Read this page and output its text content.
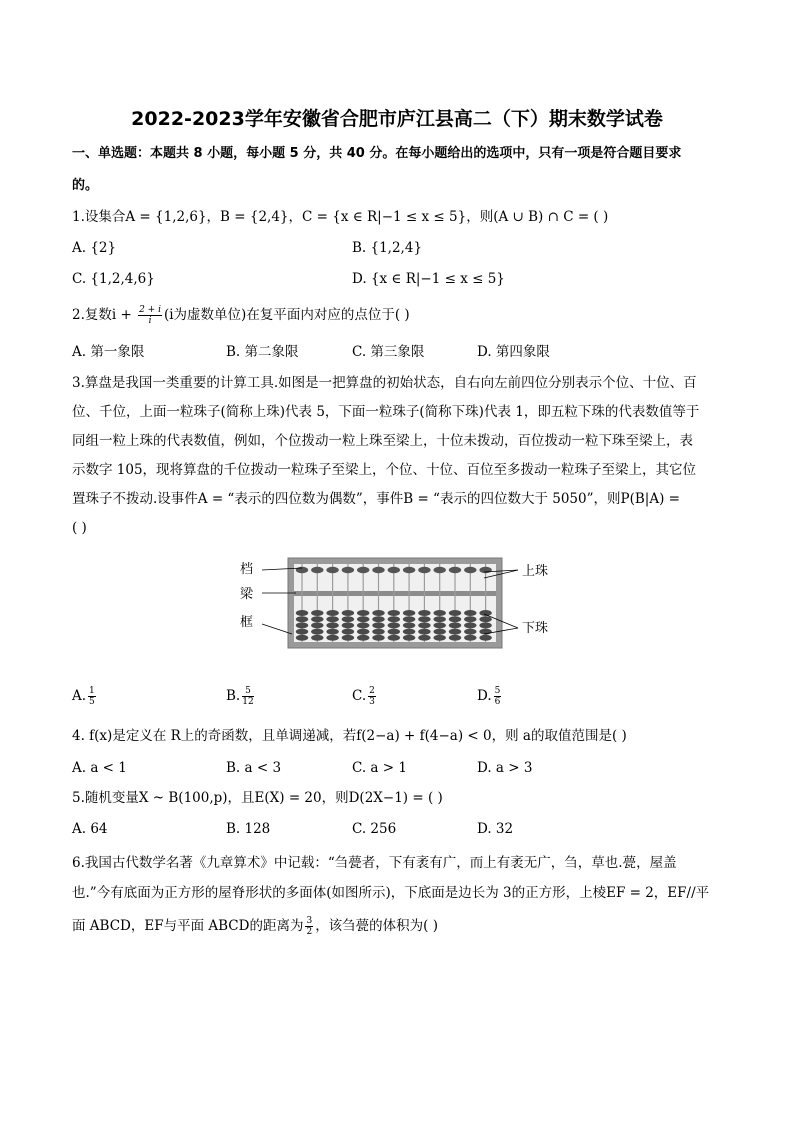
2022-2023学年安徽省合肥市庐江县高二（下）期末数学试卷
一、单选题：本题共 8 小题，每小题 5 分，共 40 分。在每小题给出的选项中，只有一项是符合题目要求
的。
1.设集合A = {1,2,6}，B = {2,4}，C = {x ∈ R|−1 ≤ x ≤ 5}，则(A ∪ B) ∩ C = ( )
A. {2}	B. {1,2,4}
C. {1,2,4,6}	D. {x ∈ R|−1 ≤ x ≤ 5}
2.复数$i + \frac{2 + i}{i} (i$为虚数单位)在复平面内对应的点位于( )
A. 第一象限	B. 第二象限	C. 第三象限	D. 第四象限
3.算盘是我国一类重要的计算工具.如图是一把算盘的初始状态，自右向左前四位分别表示个位、十位、百
位、千位，上面一粒珠子(简称上珠)代表 5，下面一粒珠子(简称下珠)代表 1，即五粒下珠的代表数值等于
同组一粒上珠的代表数值，例如，个位拨动一粒上珠至梁上，十位未拨动，百位拨动一粒下珠至梁上，表
示数字 105，现将算盘的千位拨动一粒珠子至梁上，个位、十位、百位至多拨动一粒珠子至梁上，其它位
置珠子不拨动.设事件A = “表示的四位数为偶数”，事件B = “表示的四位数大于 5050”，则P(B|A) =
( )
档
梁
框
上珠
下珠
A. $\frac{1}{5}$	B. $\frac{5}{12}$	C. $\frac{2}{3}$	D. $\frac{5}{6}$
4. f(x)是定义在 R上的奇函数，且单调递减，若f(2−a) + f(4−a) < 0，则 a的取值范围是( )
A. a < 1	B. a < 3	C. a > 1	D. a > 3
5.随机变量X ~ B(100,p)，且E(X) = 20，则D(2X−1) = ( )
A. 64	B. 128	C. 256	D. 32
6.我国古代数学名著《九章算术》中记载：“刍甍者，下有袤有广，而上有袤无广，刍，草也.甍，屋盖
也.”今有底面为正方形的屋脊形状的多面体(如图所示)，下底面是边长为 3的正方形，上棱EF = 2，EF//平
面 ABCD，EF与平面 ABCD的距离为 $\frac{3}{2}$ ，该刍甍的体积为( )
